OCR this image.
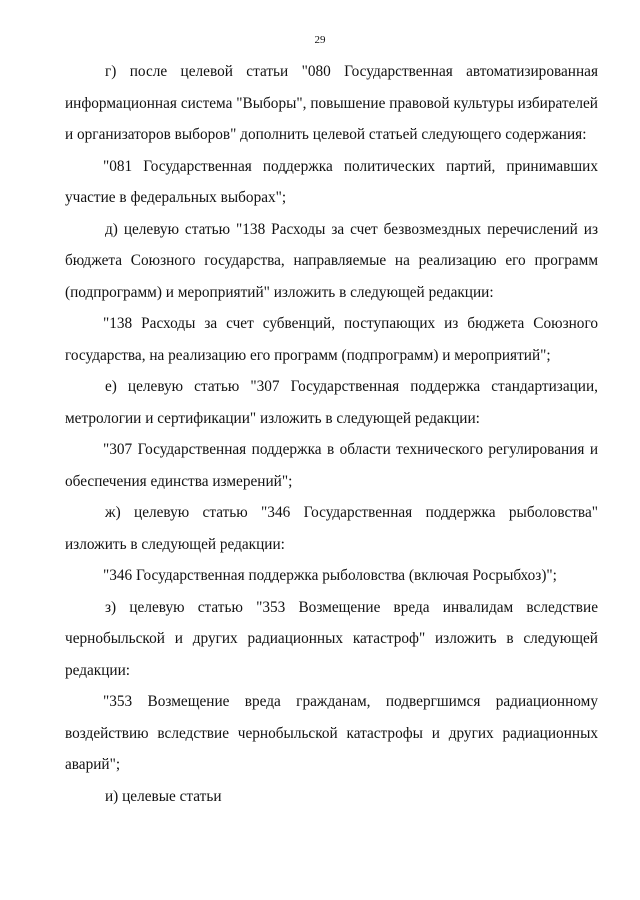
29

г) после целевой статьи "080 Государственная автоматизированная информационная система "Выборы", повышение правовой культуры избирателей и организаторов выборов" дополнить целевой статьей следующего содержания:

"081 Государственная поддержка политических партий, принимавших участие в федеральных выборах";

д) целевую статью "138 Расходы за счет безвозмездных перечислений из бюджета Союзного государства, направляемые на реализацию его программ (подпрограмм) и мероприятий" изложить в следующей редакции:

"138 Расходы за счет субвенций, поступающих из бюджета Союзного государства, на реализацию его программ (подпрограмм) и мероприятий";

е) целевую статью "307 Государственная поддержка стандартизации, метрологии и сертификации" изложить в следующей редакции:

"307 Государственная поддержка в области технического регулирования и обеспечения единства измерений";

ж) целевую статью "346 Государственная поддержка рыболовства" изложить в следующей редакции:

"346 Государственная поддержка рыболовства (включая Росрыбхоз)";

з) целевую статью "353 Возмещение вреда инвалидам вследствие чернобыльской и других радиационных катастроф" изложить в следующей редакции:

"353 Возмещение вреда гражданам, подвергшимся радиационному воздействию вследствие чернобыльской катастрофы и других радиационных аварий";

и) целевые статьи
